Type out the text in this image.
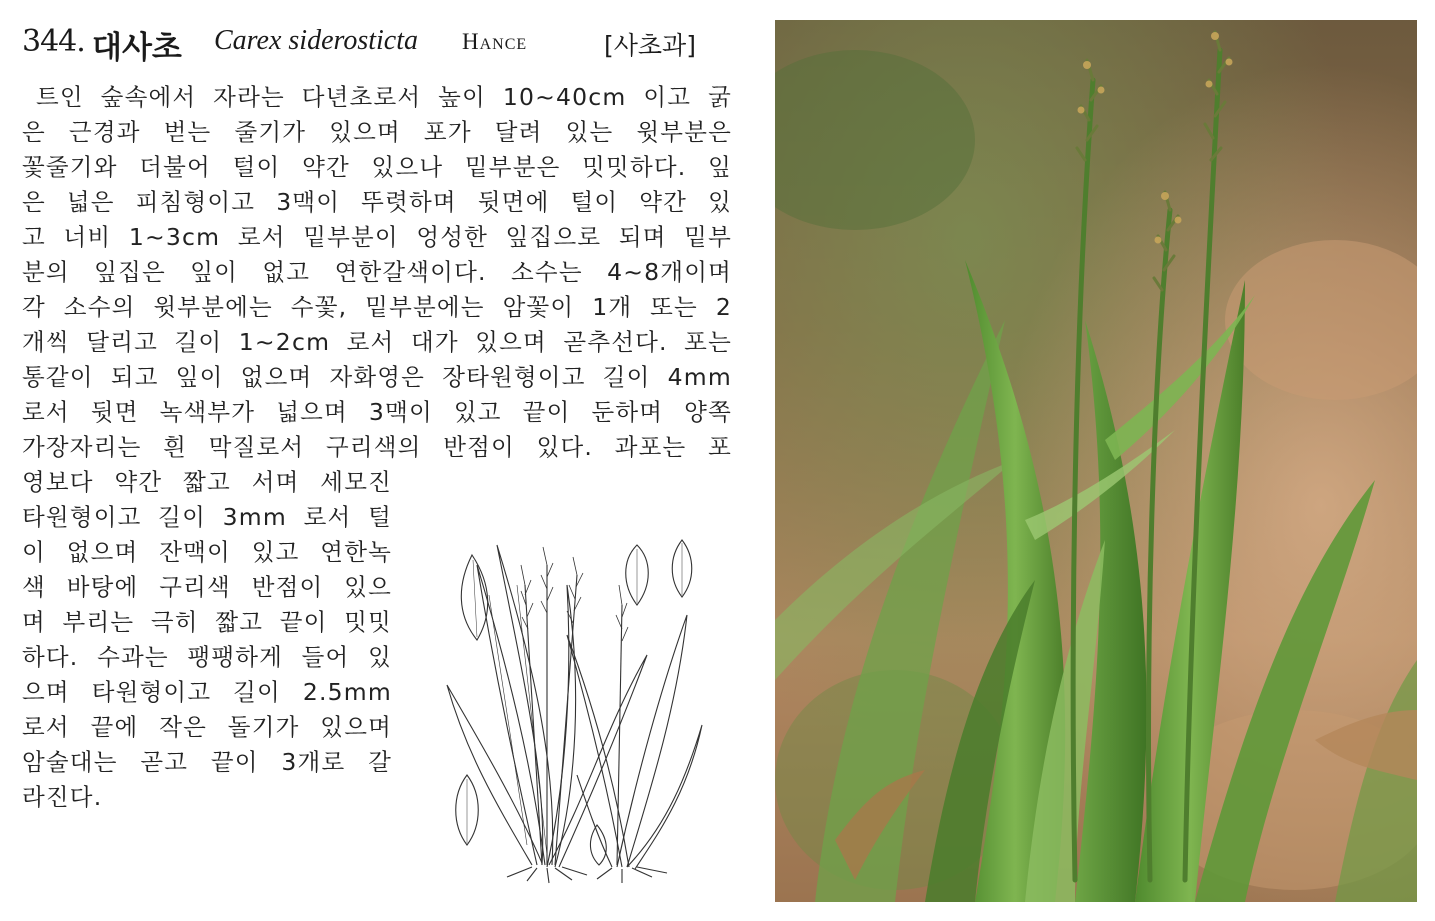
344. 대사초 Carex siderosticta Hance	[사초과]
트인 숲속에서 자라는 다년초로서 높이 10~40cm 이고 굵
은 근경과 벋는 줄기가 있으며 포가 달려 있는 윗부분은
꽃줄기와 더불어 털이 약간 있으나 밑부분은 밋밋하다. 잎
은 넓은 피침형이고 3맥이 뚜렷하며 뒷면에 털이 약간 있
고 너비 1~3cm 로서 밑부분이 엉성한 잎집으로 되며 밑부
분의 잎집은 잎이 없고 연한갈색이다. 소수는 4~8개이며
각 소수의 윗부분에는 수꽃, 밑부분에는 암꽃이 1개 또는 2
개씩 달리고 길이 1~2cm 로서 대가 있으며 곧추선다. 포는
통같이 되고 잎이 없으며 자화영은 장타원형이고 길이 4mm
로서 뒷면 녹색부가 넓으며 3맥이 있고 끝이 둔하며 양쪽
가장자리는 흰 막질로서 구리색의 반점이 있다. 과포는 포
영보다 약간 짧고 서며 세모진
타원형이고 길이 3mm 로서 털
이 없으며 잔맥이 있고 연한녹
색 바탕에 구리색 반점이 있으
며 부리는 극히 짧고 끝이 밋밋
하다. 수과는 팽팽하게 들어 있
으며 타원형이고 길이 2.5mm
로서 끝에 작은 돌기가 있으며
암술대는 곧고 끝이 3개로 갈
라진다.
